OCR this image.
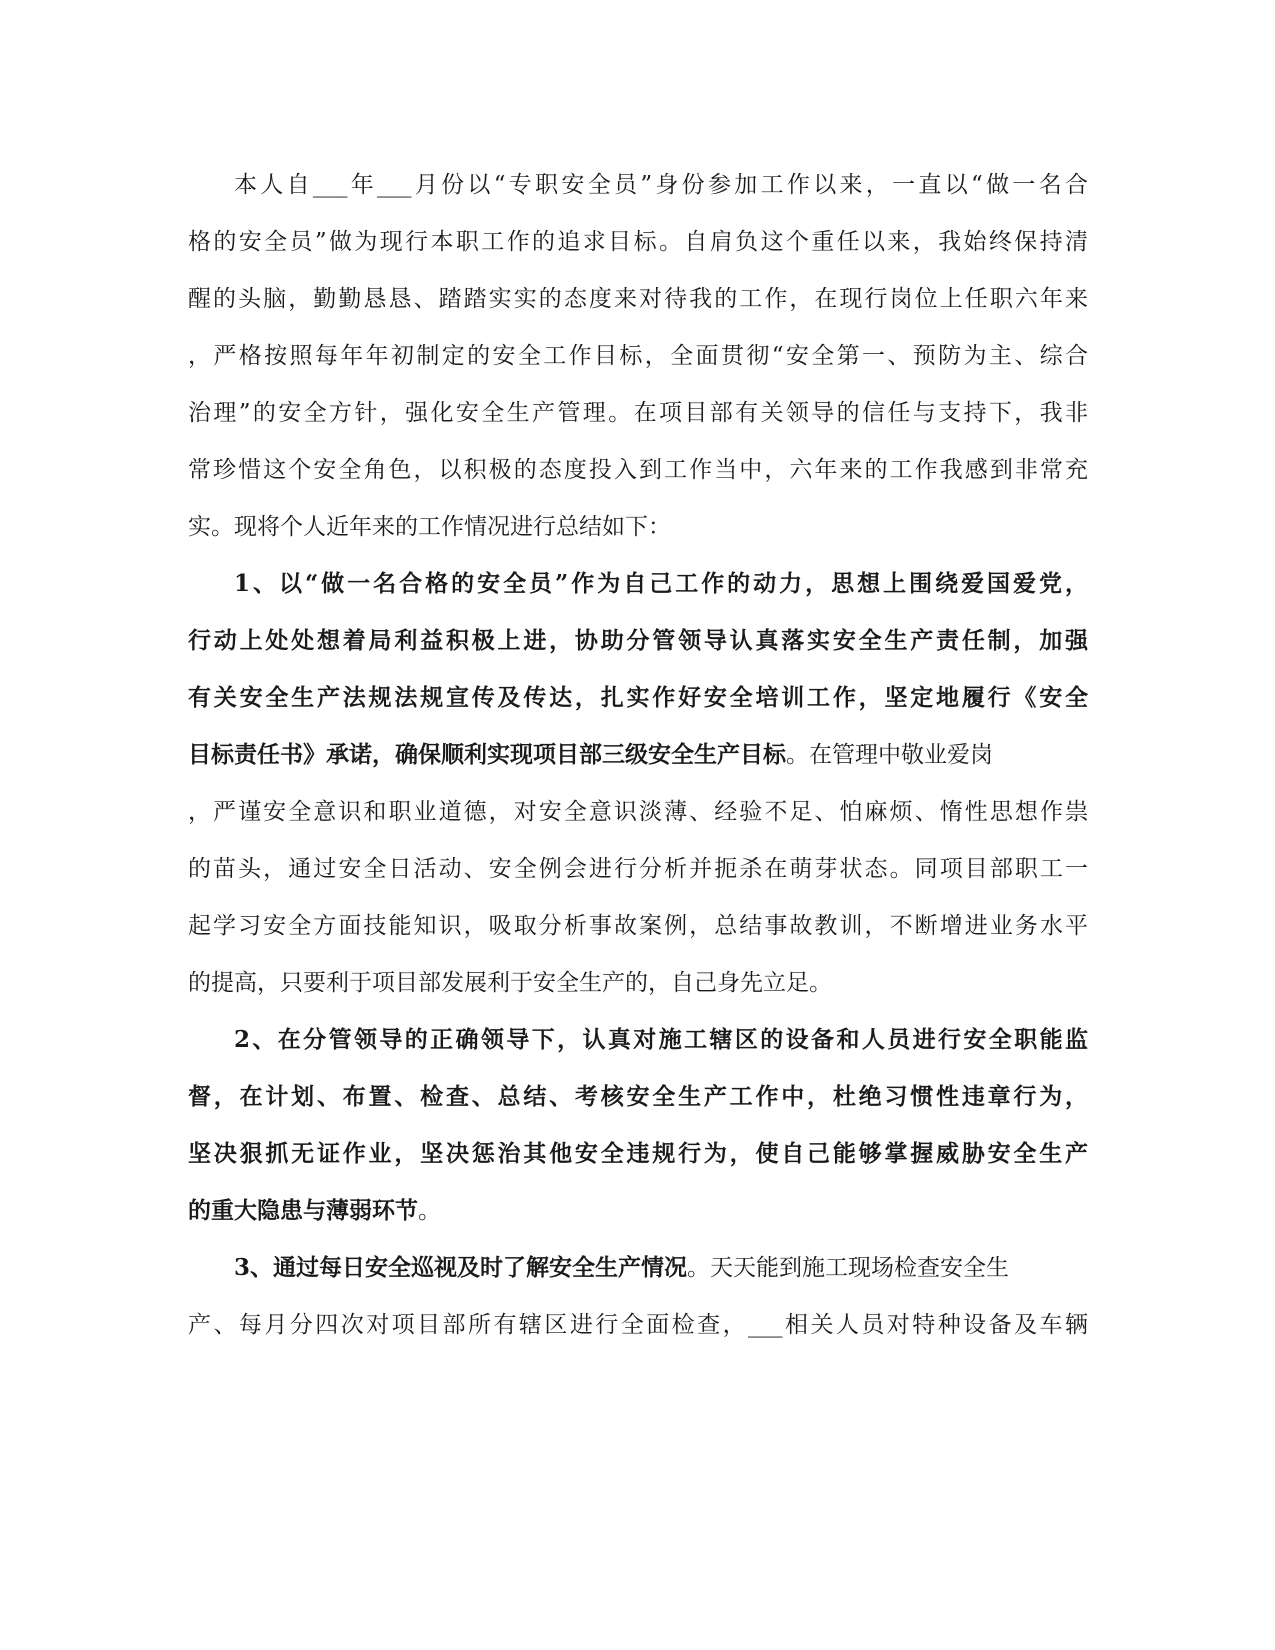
本人自___年___月份以“专职安全员”身份参加工作以来，一直以“做一名合
格的安全员”做为现行本职工作的追求目标。自肩负这个重任以来，我始终保持清
醒的头脑，勤勤恳恳、踏踏实实的态度来对待我的工作，在现行岗位上任职六年来
，严格按照每年年初制定的安全工作目标，全面贯彻“安全第一、预防为主、综合
治理”的安全方针，强化安全生产管理。在项目部有关领导的信任与支持下，我非
常珍惜这个安全角色，以积极的态度投入到工作当中，六年来的工作我感到非常充
实。现将个人近年来的工作情况进行总结如下：
1、以“做一名合格的安全员”作为自己工作的动力，思想上围绕爱国爱党，
行动上处处想着局利益积极上进，协助分管领导认真落实安全生产责任制，加强
有关安全生产法规法规宣传及传达，扎实作好安全培训工作，坚定地履行《安全
目标责任书》承诺，确保顺利实现项目部三级安全生产目标。在管理中敬业爱岗
，严谨安全意识和职业道德，对安全意识淡薄、经验不足、怕麻烦、惰性思想作祟
的苗头，通过安全日活动、安全例会进行分析并扼杀在萌芽状态。同项目部职工一
起学习安全方面技能知识，吸取分析事故案例，总结事故教训，不断增进业务水平
的提高，只要利于项目部发展利于安全生产的，自己身先立足。
2、在分管领导的正确领导下，认真对施工辖区的设备和人员进行安全职能监
督，在计划、布置、检查、总结、考核安全生产工作中，杜绝习惯性违章行为，
坚决狠抓无证作业，坚决惩治其他安全违规行为，使自己能够掌握威胁安全生产
的重大隐患与薄弱环节。
3、通过每日安全巡视及时了解安全生产情况。天天能到施工现场检查安全生
产、每月分四次对项目部所有辖区进行全面检查，___相关人员对特种设备及车辆
